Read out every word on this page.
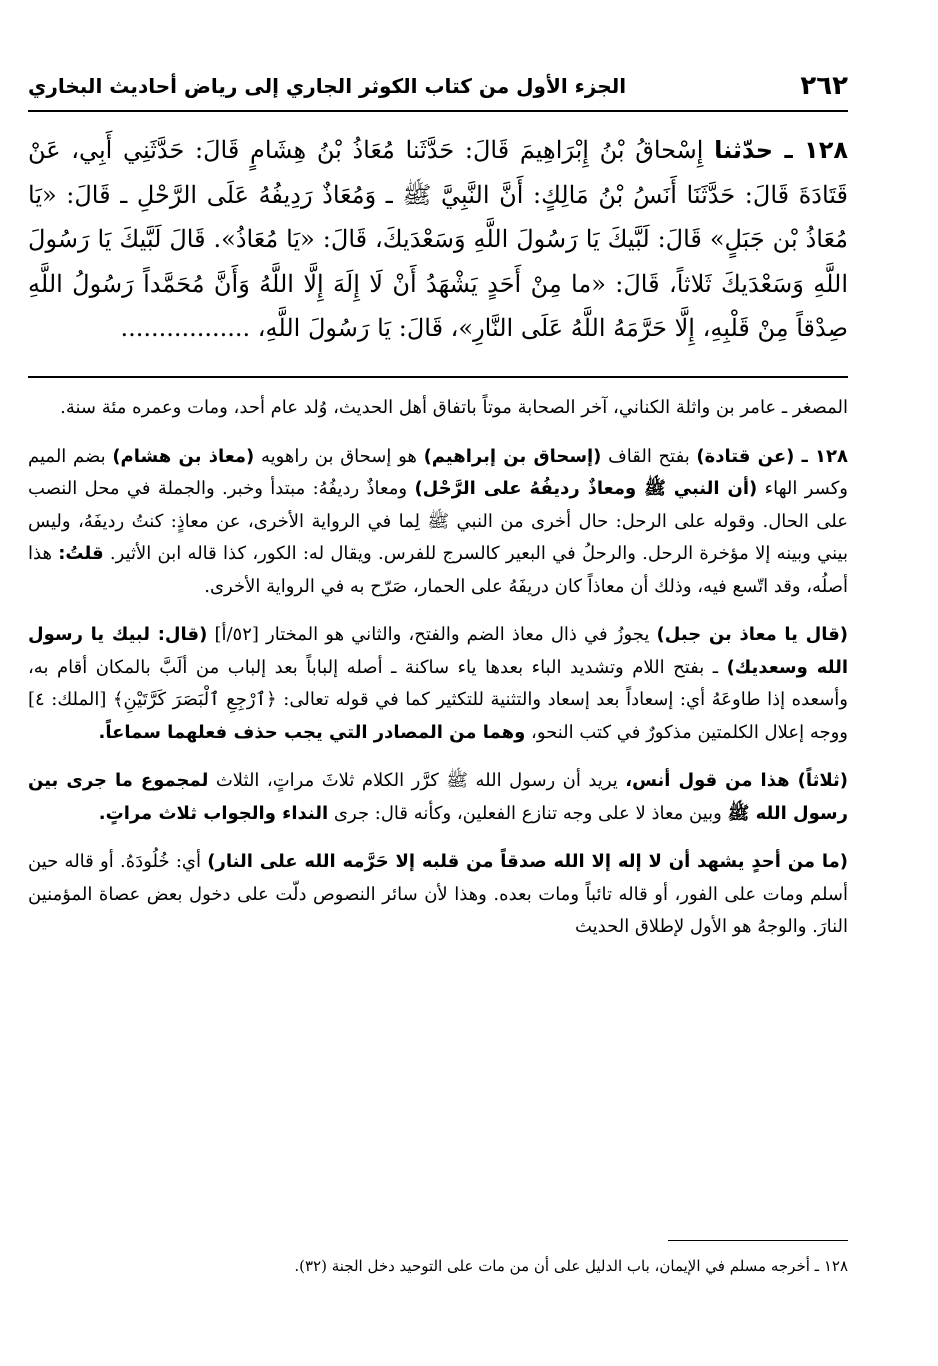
٢٦٢
الجزء الأول من كتاب الكوثر الجاري إلى رياض أحاديث البخاري
١٢٨ ـ حدّثنا إِسْحاقُ بْنُ إِبْرَاهِيمَ قَالَ: حَدَّثَنا مُعَاذُ بْنُ هِشَامٍ قَالَ: حَدَّثَنِي أَبِي، عَنْ قَتَادَةَ قَالَ: حَدَّثَنَا أَنَسُ بْنُ مَالِكٍ: أَنَّ النَّبِيَّ ﷺ ـ وَمُعَاذٌ رَدِيفُهُ عَلَى الرَّحْلِ ـ قَالَ: «يَا مُعَاذُ بْن جَبَلٍ» قَالَ: لَبَّيكَ يَا رَسُولَ اللَّهِ وَسَعْدَيكَ، قَالَ: «يَا مُعَاذُ». قَالَ لَبَّيكَ يَا رَسُولَ اللَّهِ وَسَعْدَيكَ ثَلاثاً، قَالَ: «ما مِنْ أَحَدٍ يَشْهَدُ أَنْ لَا إِلَهَ إِلَّا اللَّهُ وَأَنَّ مُحَمَّداً رَسُولُ اللَّهِ صِدْقاً مِنْ قَلْبِهِ، إِلَّا حَرَّمَهُ اللَّهُ عَلَى النَّارِ»، قَالَ: يَا رَسُولَ اللَّهِ، .................

المصغر ـ عامر بن واثلة الكناني، آخر الصحابة موتاً باتفاق أهل الحديث، وُلد عام أحد، ومات وعمره مئة سنة.

١٢٨ ـ (عن قتادة) بفتح القاف (إسحاق بن إبراهيم) هو إسحاق بن راهويه (معاذ بن هشام) بضم الميم وكسر الهاء (أن النبي ﷺ ومعاذٌ رديفُهُ على الرَّحْل) ومعاذٌ رديفُهُ: مبتدأ وخبر. والجملة في محل النصب على الحال. وقوله على الرحل: حال أخرى من النبي ﷺ لِما في الرواية الأخرى، عن معاذٍ: كنتُ رديفَهُ، وليس بيني وبينه إلا مؤخرة الرحل. والرحلُ في البعير كالسرج للفرس. ويقال له: الكور، كذا قاله ابن الأثير. قلتُ: هذا أصلُه، وقد اتّسع فيه، وذلك أن معاذاً كان دريفَهُ على الحمار، صَرّح به في الرواية الأخرى.

(قال يا معاذ بن جبل) يجوزُ في ذال معاذ الضم والفتح، والثاني هو المختار [٥٢/أ] (قال: لبيك يا رسول الله وسعديك) ـ بفتح اللام وتشديد الباء بعدها ياء ساكنة ـ أصله إلباباً بعد إلباب من ألَبَّ بالمكان أقام به، وأسعده إذا طاوعَهُ أي: إسعاداً بعد إسعاد والتثنية للتكثير كما في قوله تعالى: ﴿ٱرْجِعِ ٱلْبَصَرَ كَرَّتَيْنِ﴾ [الملك: ٤] ووجه إعلال الكلمتين مذكورٌ في كتب النحو، وهما من المصادر التي يجب حذف فعلهما سماعاً.

(ثلاثاً) هذا من قول أنس، يريد أن رسول الله ﷺ كرَّر الكلام ثلاثَ مراتٍ، الثلاث لمجموع ما جرى بين رسول الله ﷺ وبين معاذ لا على وجه تنازع الفعلين، وكأنه قال: جرى النداء والجواب ثلاث مراتٍ.

(ما من أحدٍ يشهد أن لا إله إلا الله صدقاً من قلبه إلا حَرَّمه الله على النار) أي: خُلُودَهُ. أو قاله حين أسلم ومات على الفور، أو قاله تائباً ومات بعده. وهذا لأن سائر النصوص دلّت على دخول بعض عصاة المؤمنين النارَ. والوجهُ هو الأول لإطلاق الحديث

١٢٨ ـ أخرجه مسلم في الإيمان، باب الدليل على أن من مات على التوحيد دخل الجنة (٣٢).
